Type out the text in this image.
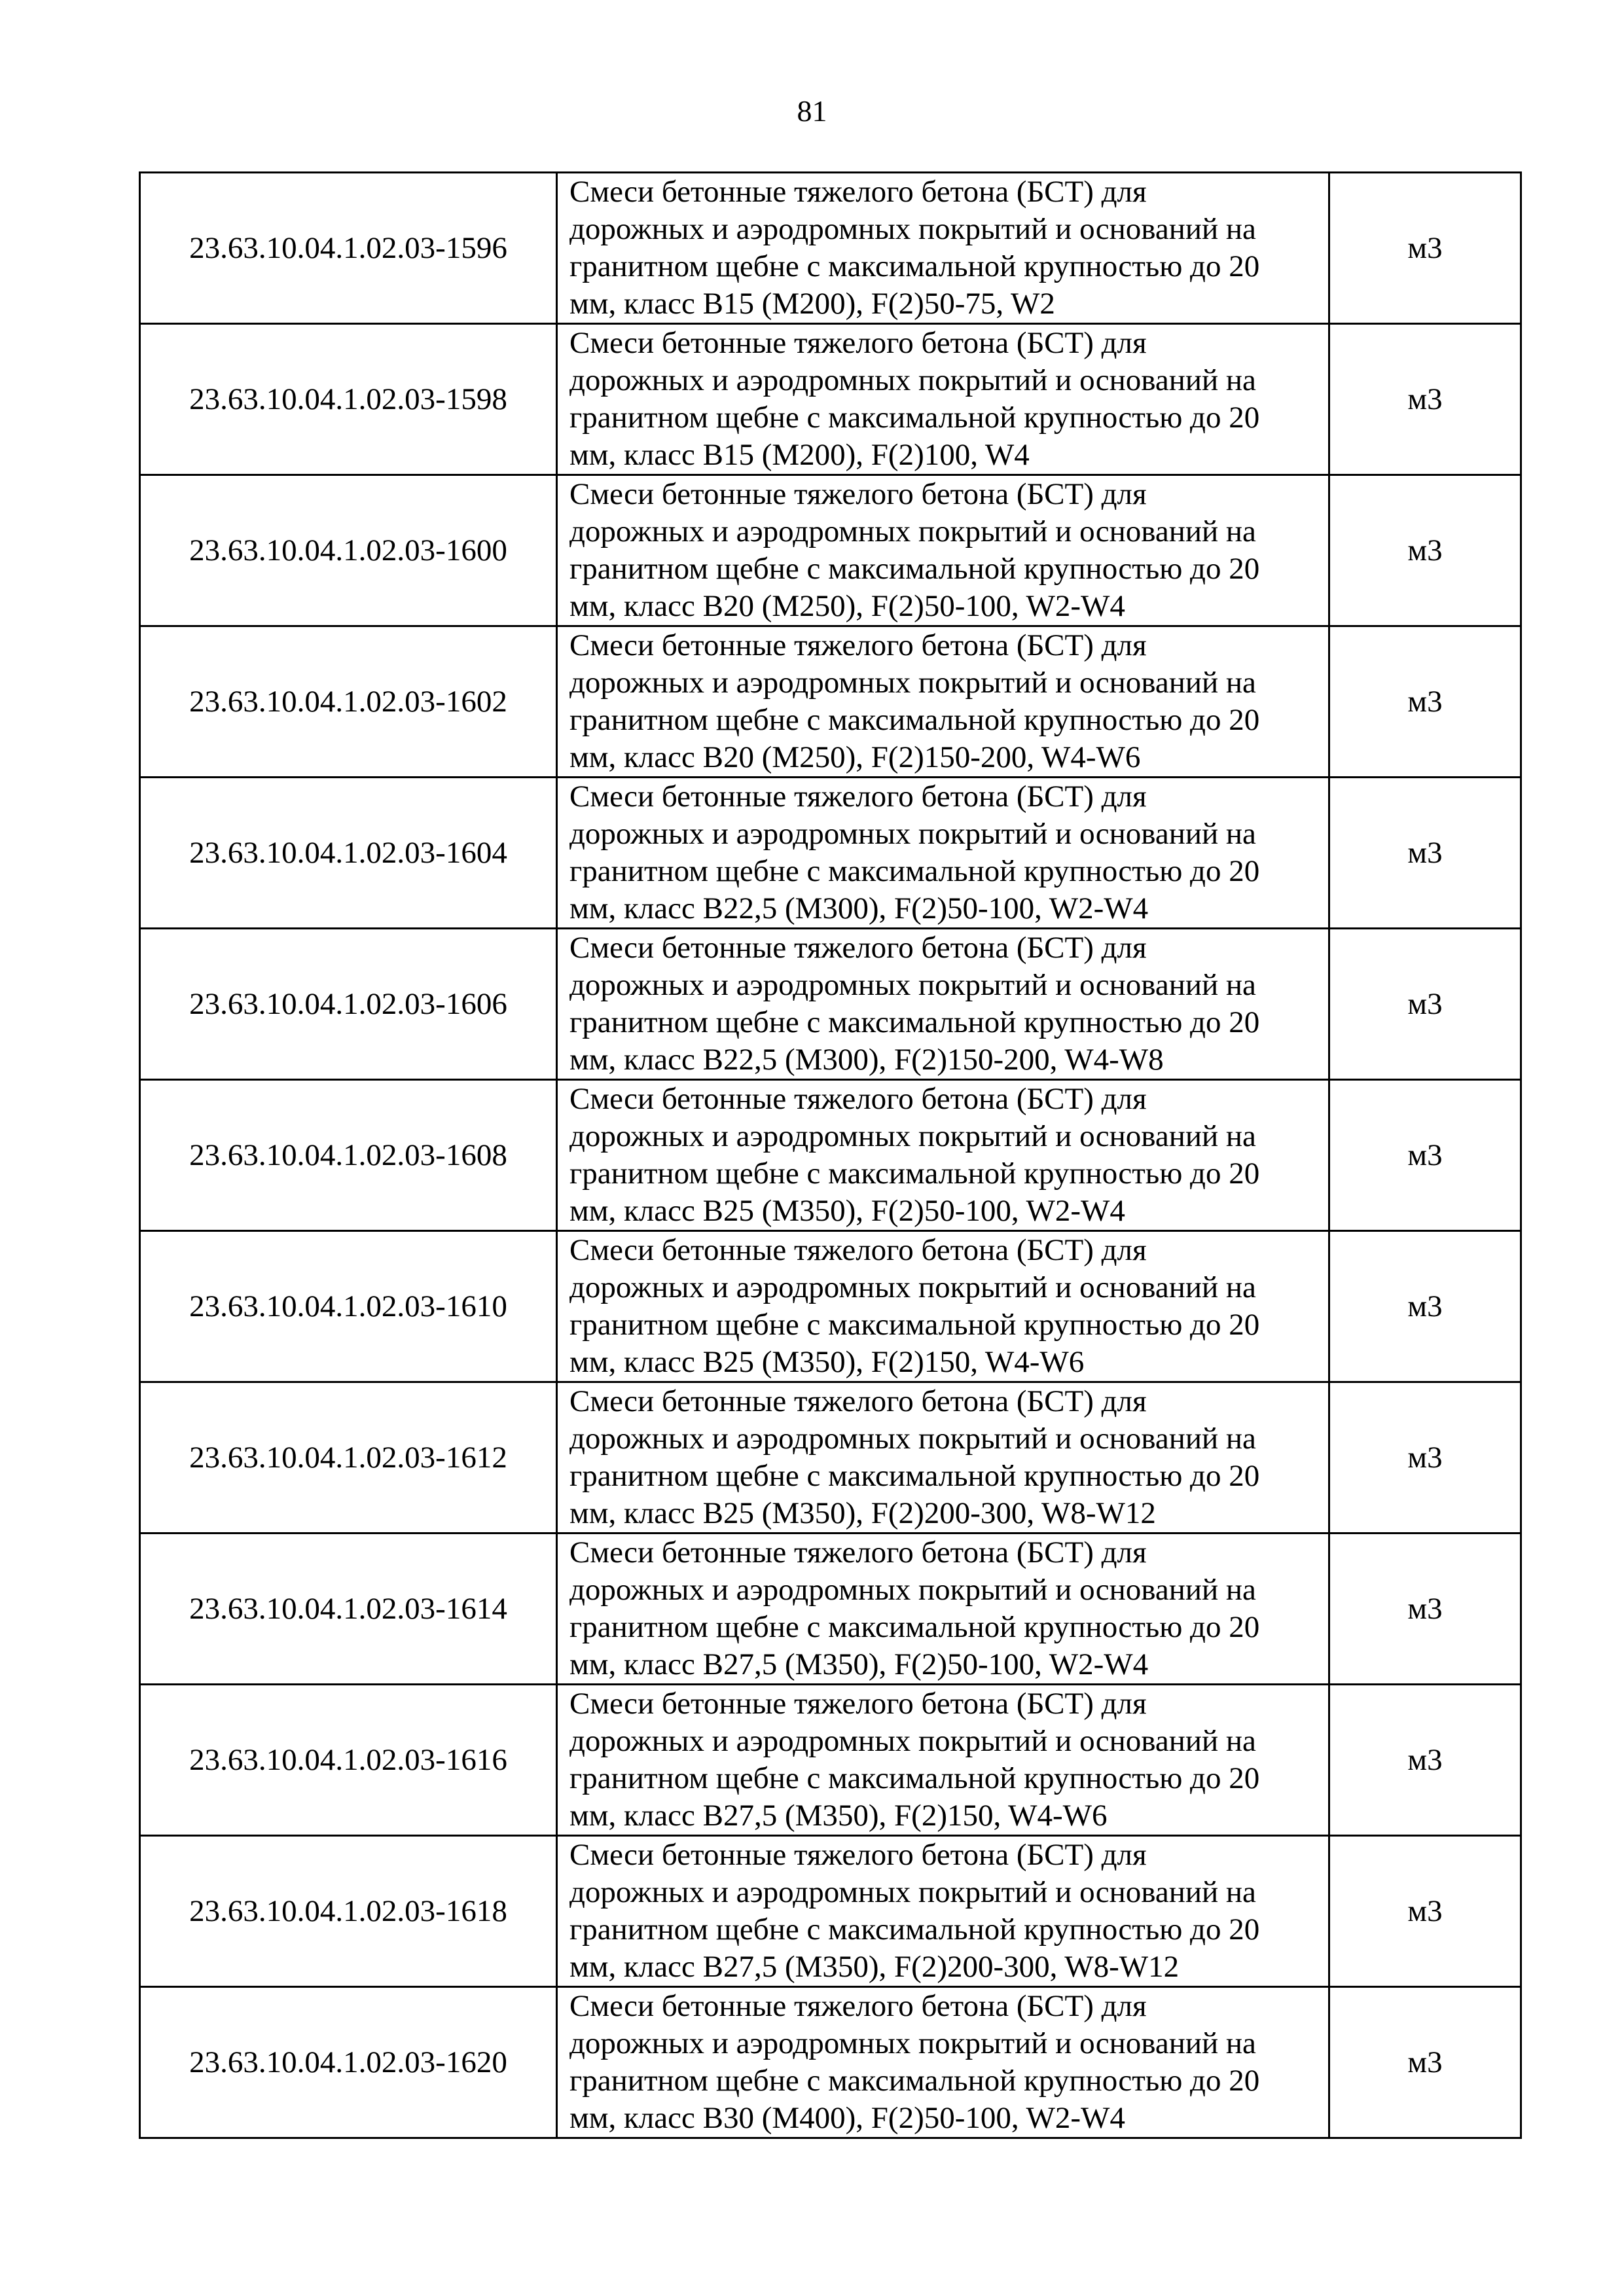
81
23.63.10.04.1.02.03-1596	Смеси бетонные тяжелого бетона (БСТ) для
дорожных и аэродромных покрытий и оснований на
гранитном щебне с максимальной крупностью до 20
мм, класс В15 (М200), F(2)50-75, W2	м3
23.63.10.04.1.02.03-1598	Смеси бетонные тяжелого бетона (БСТ) для
дорожных и аэродромных покрытий и оснований на
гранитном щебне с максимальной крупностью до 20
мм, класс В15 (М200), F(2)100, W4	м3
23.63.10.04.1.02.03-1600	Смеси бетонные тяжелого бетона (БСТ) для
дорожных и аэродромных покрытий и оснований на
гранитном щебне с максимальной крупностью до 20
мм, класс В20 (М250), F(2)50-100, W2-W4	м3
23.63.10.04.1.02.03-1602	Смеси бетонные тяжелого бетона (БСТ) для
дорожных и аэродромных покрытий и оснований на
гранитном щебне с максимальной крупностью до 20
мм, класс В20 (М250), F(2)150-200, W4-W6	м3
23.63.10.04.1.02.03-1604	Смеси бетонные тяжелого бетона (БСТ) для
дорожных и аэродромных покрытий и оснований на
гранитном щебне с максимальной крупностью до 20
мм, класс В22,5 (М300), F(2)50-100, W2-W4	м3
23.63.10.04.1.02.03-1606	Смеси бетонные тяжелого бетона (БСТ) для
дорожных и аэродромных покрытий и оснований на
гранитном щебне с максимальной крупностью до 20
мм, класс В22,5 (М300), F(2)150-200, W4-W8	м3
23.63.10.04.1.02.03-1608	Смеси бетонные тяжелого бетона (БСТ) для
дорожных и аэродромных покрытий и оснований на
гранитном щебне с максимальной крупностью до 20
мм, класс В25 (М350), F(2)50-100, W2-W4	м3
23.63.10.04.1.02.03-1610	Смеси бетонные тяжелого бетона (БСТ) для
дорожных и аэродромных покрытий и оснований на
гранитном щебне с максимальной крупностью до 20
мм, класс В25 (М350), F(2)150, W4-W6	м3
23.63.10.04.1.02.03-1612	Смеси бетонные тяжелого бетона (БСТ) для
дорожных и аэродромных покрытий и оснований на
гранитном щебне с максимальной крупностью до 20
мм, класс В25 (М350), F(2)200-300, W8-W12	м3
23.63.10.04.1.02.03-1614	Смеси бетонные тяжелого бетона (БСТ) для
дорожных и аэродромных покрытий и оснований на
гранитном щебне с максимальной крупностью до 20
мм, класс В27,5 (М350), F(2)50-100, W2-W4	м3
23.63.10.04.1.02.03-1616	Смеси бетонные тяжелого бетона (БСТ) для
дорожных и аэродромных покрытий и оснований на
гранитном щебне с максимальной крупностью до 20
мм, класс В27,5 (М350), F(2)150, W4-W6	м3
23.63.10.04.1.02.03-1618	Смеси бетонные тяжелого бетона (БСТ) для
дорожных и аэродромных покрытий и оснований на
гранитном щебне с максимальной крупностью до 20
мм, класс В27,5 (М350), F(2)200-300, W8-W12	м3
23.63.10.04.1.02.03-1620	Смеси бетонные тяжелого бетона (БСТ) для
дорожных и аэродромных покрытий и оснований на
гранитном щебне с максимальной крупностью до 20
мм, класс В30 (М400), F(2)50-100, W2-W4	м3
